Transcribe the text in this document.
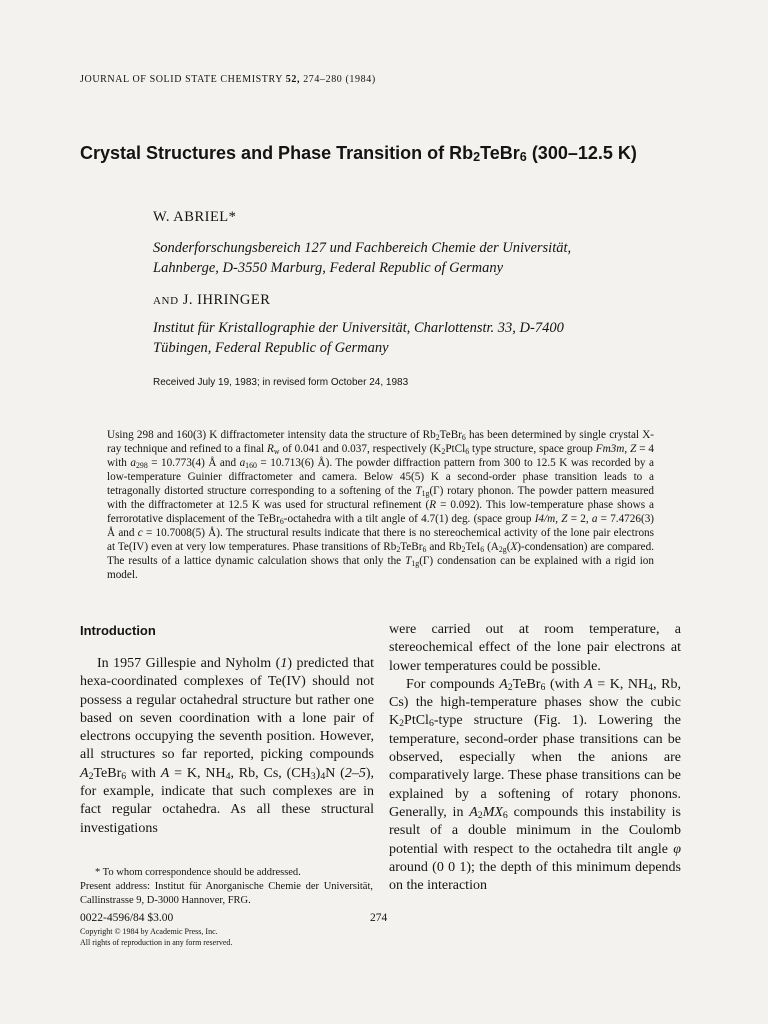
JOURNAL OF SOLID STATE CHEMISTRY 52, 274–280 (1984)
Crystal Structures and Phase Transition of $Rb_2TeBr_6$ (300–12.5 K)
W. ABRIEL*
Sonderforschungsbereich 127 und Fachbereich Chemie der Universität,
Lahnberge, D-3550 Marburg, Federal Republic of Germany
AND J. IHRINGER
Institut für Kristallographie der Universität, Charlottenstr. 33, D-7400
Tübingen, Federal Republic of Germany
Received July 19, 1983; in revised form October 24, 1983
Using 298 and 160(3) K diffractometer intensity data the structure of $Rb_2TeBr_6$ has been determined by single crystal X-ray technique and refined to a final $R_w$ of 0.041 and 0.037, respectively ($K_2PtCl_6$ type structure, space group Fm3m, Z = 4 with $a_{298} = 10.773(4)$ Å and $a_{160} = 10.713(6)$ Å). The powder diffraction pattern from 300 to 12.5 K was recorded by a low-temperature Guinier diffractometer and camera. Below 45(5) K a second-order phase transition leads to a tetragonally distorted structure corresponding to a softening of the $T_{1g}(\Gamma)$ rotary phonon. The powder pattern measured with the diffractometer at 12.5 K was used for structural refinement (R = 0.092). This low-temperature phase shows a ferrorotative displacement of the TeBr$_6$-octahedra with a tilt angle of 4.7(1) deg. (space group I4/m, Z = 2, a = 7.4726(3) Å and c = 10.7008(5) Å). The structural results indicate that there is no stereochemical activity of the lone pair electrons at Te(IV) even at very low temperatures. Phase transitions of $Rb_2TeBr_6$ and $Rb_2TeI_6$ $(A_{2g}(X)-condensation)$ are compared. The results of a lattice dynamic calculation shows that only the $T_{1g}(\Gamma)$ condensation can be explained with a rigid ion model.
Introduction

In 1957 Gillespie and Nyholm (1) predicted that hexa-coordinated complexes of Te(IV) should not possess a regular octahedral structure but rather one based on seven coordination with a lone pair of electrons occupying the seventh position. However, all structures so far reported, picking compounds $A_2TeBr_6$ with A = K, $NH_4$, Rb, Cs, $(CH_3)_4N$ (2–5), for example, indicate that such complexes are in fact regular octahedra. As all these structural investigations

were carried out at room temperature, a stereochemical effect of the lone pair electrons at lower temperatures could be possible.

For compounds $A_2TeBr_6$ (with A = K, $NH_4$, Rb, Cs) the high-temperature phases show the cubic $K_2PtCl_6$-type structure (Fig. 1). Lowering the temperature, second-order phase transitions can be observed, especially when the anions are comparatively large. These phase transitions can be explained by a softening of rotary phonons. Generally, in $A_2MX_6$ compounds this instability is result of a double minimum in the Coulomb potential with respect to the octahedra tilt angle φ around (0 0 1); the depth of this minimum depends on the interaction

* To whom correspondence should be addressed.

Present address: Institut für Anorganische Chemie der Universität, Callinstrasse 9, D-3000 Hannover, FRG.

0022-4596/84 $3.00	274
Copyright © 1984 by Academic Press, Inc.
All rights of reproduction in any form reserved.
